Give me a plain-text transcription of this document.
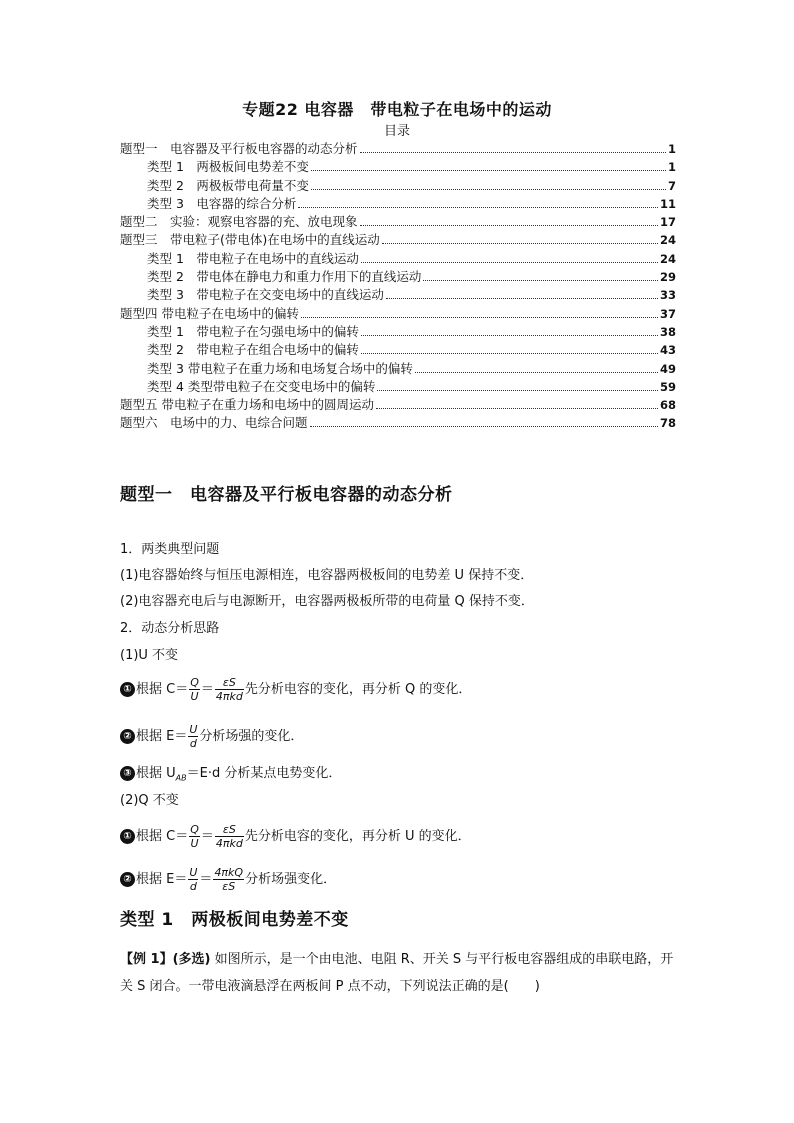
专题22 电容器　带电粒子在电场中的运动
目录
题型一　电容器及平行板电容器的动态分析	1
类型 1　两极板间电势差不变	1
类型 2　两极板带电荷量不变	7
类型 3　电容器的综合分析	11
题型二　实验：观察电容器的充、放电现象	17
题型三　带电粒子(带电体)在电场中的直线运动	24
类型 1　带电粒子在电场中的直线运动	24
类型 2　带电体在静电力和重力作用下的直线运动	29
类型 3　带电粒子在交变电场中的直线运动	33
题型四 带电粒子在电场中的偏转	37
类型 1　带电粒子在匀强电场中的偏转	38
类型 2　带电粒子在组合电场中的偏转	43
类型 3 带电粒子在重力场和电场复合场中的偏转	49
类型 4 类型带电粒子在交变电场中的偏转	59
题型五 带电粒子在重力场和电场中的圆周运动	68
题型六　电场中的力、电综合问题	78
题型一　电容器及平行板电容器的动态分析
1．两类典型问题
(1)电容器始终与恒压电源相连，电容器两极板间的电势差 U 保持不变．
(2)电容器充电后与电源断开，电容器两极板所带的电荷量 Q 保持不变．
2．动态分析思路
(1)U 不变
① 根据 $C= \frac{Q}{U} = \frac{\varepsilon S}{\text{4πkd}}$ 先分析电容的变化，再分析 Q 的变化．
② 根据 $E= \frac{U}{d}$ 分析场强的变化．
③ 根据 $U_{AB}=E\cdot d$ 分析某点电势变化．
(2)Q 不变
① 根据 $C= \frac{Q}{U} = \frac{\varepsilon S}{\text{4πkd}}$ 先分析电容的变化，再分析 U 的变化．
② 根据 $E= \frac{U}{d} = \frac{\text{4πkQ}}{\varepsilon S}$ 分析场强变化．
类型 1　两极板间电势差不变
【例 1】(多选) 如图所示，是一个由电池、电阻 R、开关 S 与平行板电容器组成的串联电路，开关 S 闭合。一带电液滴悬浮在两板间 P 点不动，下列说法正确的是(　　)
